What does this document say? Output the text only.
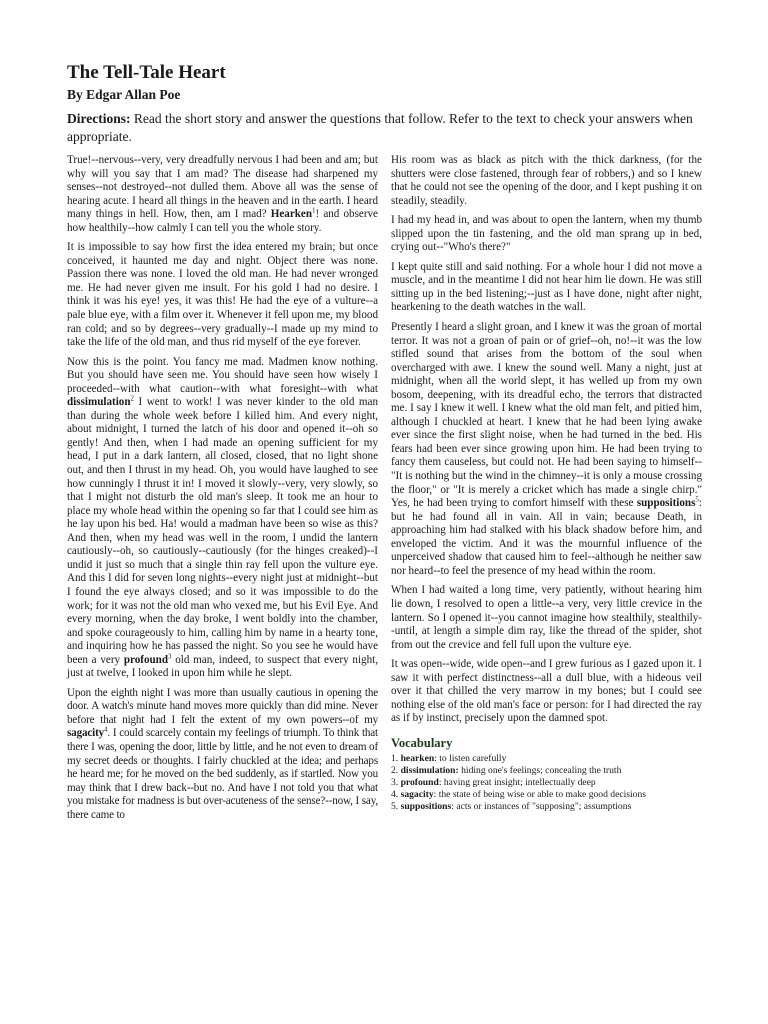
The Tell-Tale Heart
By Edgar Allan Poe
Directions: Read the short story and answer the questions that follow. Refer to the text to check your answers when appropriate.

True!--nervous--very, very dreadfully nervous I had been and am; but why will you say that I am mad? The disease had sharpened my senses--not destroyed--not dulled them. Above all was the sense of hearing acute. I heard all things in the heaven and in the earth. I heard many things in hell. How, then, am I mad? Hearken$^1$! and observe how healthily--how calmly I can tell you the whole story.

It is impossible to say how first the idea entered my brain; but once conceived, it haunted me day and night. Object there was none. Passion there was none. I loved the old man. He had never wronged me. He had never given me insult. For his gold I had no desire. I think it was his eye! yes, it was this! He had the eye of a vulture--a pale blue eye, with a film over it. Whenever it fell upon me, my blood ran cold; and so by degrees--very gradually--I made up my mind to take the life of the old man, and thus rid myself of the eye forever.

Now this is the point. You fancy me mad. Madmen know nothing. But you should have seen me. You should have seen how wisely I proceeded--with what caution--with what foresight--with what dissimulation$^2$ I went to work! I was never kinder to the old man than during the whole week before I killed him. And every night, about midnight, I turned the latch of his door and opened it--oh so gently! And then, when I had made an opening sufficient for my head, I put in a dark lantern, all closed, closed, that no light shone out, and then I thrust in my head. Oh, you would have laughed to see how cunningly I thrust it in! I moved it slowly--very, very slowly, so that I might not disturb the old man's sleep. It took me an hour to place my whole head within the opening so far that I could see him as he lay upon his bed. Ha! would a madman have been so wise as this? And then, when my head was well in the room, I undid the lantern cautiously--oh, so cautiously--cautiously (for the hinges creaked)--I undid it just so much that a single thin ray fell upon the vulture eye. And this I did for seven long nights--every night just at midnight--but I found the eye always closed; and so it was impossible to do the work; for it was not the old man who vexed me, but his Evil Eye. And every morning, when the day broke, I went boldly into the chamber, and spoke courageously to him, calling him by name in a hearty tone, and inquiring how he has passed the night. So you see he would have been a very profound$^3$ old man, indeed, to suspect that every night, just at twelve, I looked in upon him while he slept.

Upon the eighth night I was more than usually cautious in opening the door. A watch's minute hand moves more quickly than did mine. Never before that night had I felt the extent of my own powers--of my sagacity$^4$. I could scarcely contain my feelings of triumph. To think that there I was, opening the door, little by little, and he not even to dream of my secret deeds or thoughts. I fairly chuckled at the idea; and perhaps he heard me; for he moved on the bed suddenly, as if startled. Now you may think that I drew back--but no. And have I not told you that what you mistake for madness is but over-acuteness of the sense?--now, I say, there came to

His room was as black as pitch with the thick darkness, (for the shutters were close fastened, through fear of robbers,) and so I knew that he could not see the opening of the door, and I kept pushing it on steadily, steadily.

I had my head in, and was about to open the lantern, when my thumb slipped upon the tin fastening, and the old man sprang up in bed, crying out--"Who's there?"

I kept quite still and said nothing. For a whole hour I did not move a muscle, and in the meantime I did not hear him lie down. He was still sitting up in the bed listening;--just as I have done, night after night, hearkening to the death watches in the wall.

Presently I heard a slight groan, and I knew it was the groan of mortal terror. It was not a groan of pain or of grief--oh, no!--it was the low stifled sound that arises from the bottom of the soul when overcharged with awe. I knew the sound well. Many a night, just at midnight, when all the world slept, it has welled up from my own bosom, deepening, with its dreadful echo, the terrors that distracted me. I say I knew it well. I knew what the old man felt, and pitied him, although I chuckled at heart. I knew that he had been lying awake ever since the first slight noise, when he had turned in the bed. His fears had been ever since growing upon him. He had been trying to fancy them causeless, but could not. He had been saying to himself--"It is nothing but the wind in the chimney--it is only a mouse crossing the floor," or "It is merely a cricket which has made a single chirp." Yes, he had been trying to comfort himself with these suppositions$^5$: but he had found all in vain. All in vain; because Death, in approaching him had stalked with his black shadow before him, and enveloped the victim. And it was the mournful influence of the unperceived shadow that caused him to feel--although he neither saw nor heard--to feel the presence of my head within the room.

When I had waited a long time, very patiently, without hearing him lie down, I resolved to open a little--a very, very little crevice in the lantern. So I opened it--you cannot imagine how stealthily, stealthily--until, at length a simple dim ray, like the thread of the spider, shot from out the crevice and fell full upon the vulture eye.

It was open--wide, wide open--and I grew furious as I gazed upon it. I saw it with perfect distinctness--all a dull blue, with a hideous veil over it that chilled the very marrow in my bones; but I could see nothing else of the old man's face or person: for I had directed the ray as if by instinct, precisely upon the damned spot.

Vocabulary
1. hearken: to listen carefully
2. dissimulation: hiding one's feelings; concealing the truth
3. profound: having great insight; intellectually deep
4. sagacity: the state of being wise or able to make good decisions
5. suppositions: acts or instances of "supposing"; assumptions
